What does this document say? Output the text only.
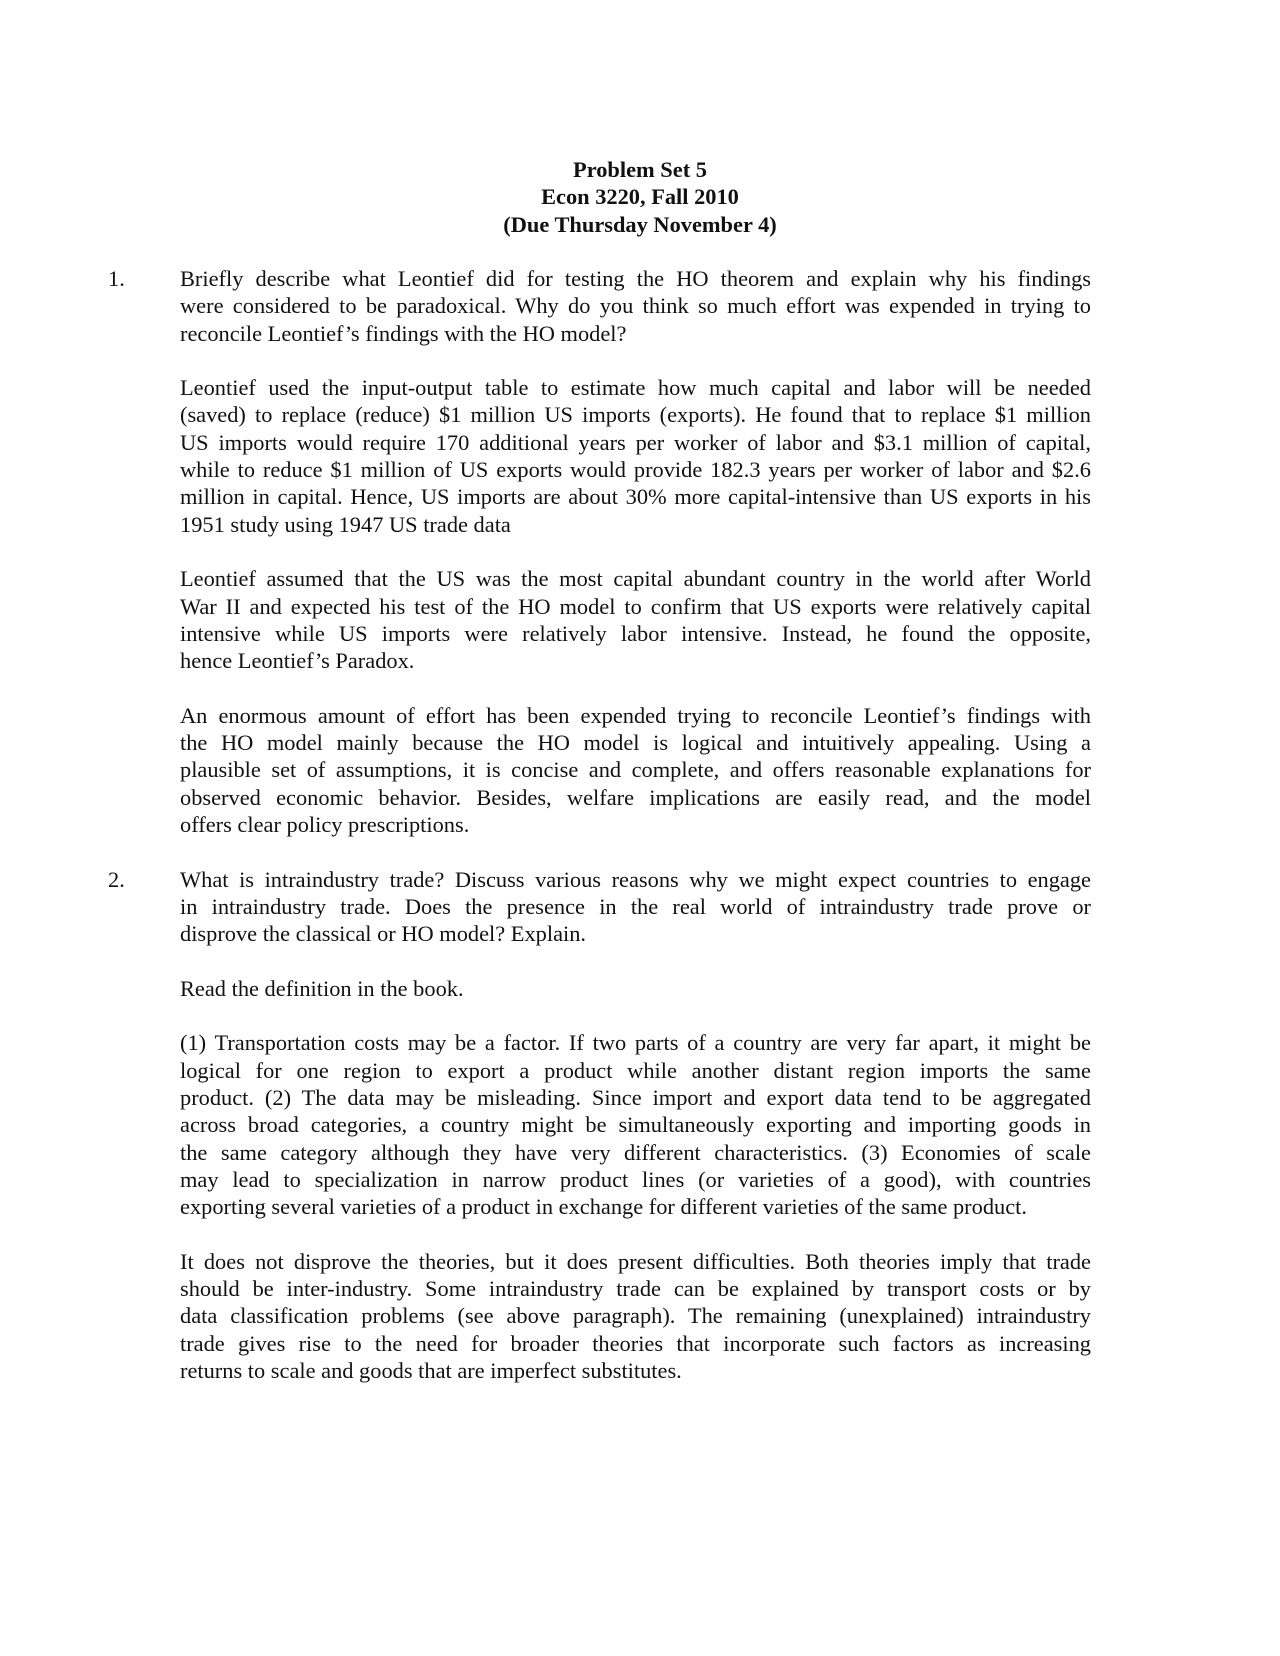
Problem Set 5
Econ 3220, Fall 2010
(Due Thursday November 4)
1. Briefly describe what Leontief did for testing the HO theorem and explain why his findings
were considered to be paradoxical. Why do you think so much effort was expended in trying to
reconcile Leontief’s findings with the HO model?
Leontief used the input-output table to estimate how much capital and labor will be needed
(saved) to replace (reduce) $1 million US imports (exports). He found that to replace $1 million
US imports would require 170 additional years per worker of labor and $3.1 million of capital,
while to reduce $1 million of US exports would provide 182.3 years per worker of labor and $2.6
million in capital. Hence, US imports are about 30% more capital-intensive than US exports in his
1951 study using 1947 US trade data
Leontief assumed that the US was the most capital abundant country in the world after World
War II and expected his test of the HO model to confirm that US exports were relatively capital
intensive while US imports were relatively labor intensive. Instead, he found the opposite,
hence Leontief’s Paradox.
An enormous amount of effort has been expended trying to reconcile Leontief’s findings with
the HO model mainly because the HO model is logical and intuitively appealing. Using a
plausible set of assumptions, it is concise and complete, and offers reasonable explanations for
observed economic behavior. Besides, welfare implications are easily read, and the model
offers clear policy prescriptions.
2. What is intraindustry trade? Discuss various reasons why we might expect countries to engage
in intraindustry trade. Does the presence in the real world of intraindustry trade prove or
disprove the classical or HO model? Explain.
Read the definition in the book.
(1) Transportation costs may be a factor. If two parts of a country are very far apart, it might be
logical for one region to export a product while another distant region imports the same
product. (2) The data may be misleading. Since import and export data tend to be aggregated
across broad categories, a country might be simultaneously exporting and importing goods in
the same category although they have very different characteristics. (3) Economies of scale
may lead to specialization in narrow product lines (or varieties of a good), with countries
exporting several varieties of a product in exchange for different varieties of the same product.
It does not disprove the theories, but it does present difficulties. Both theories imply that trade
should be inter-industry. Some intraindustry trade can be explained by transport costs or by
data classification problems (see above paragraph). The remaining (unexplained) intraindustry
trade gives rise to the need for broader theories that incorporate such factors as increasing
returns to scale and goods that are imperfect substitutes.
